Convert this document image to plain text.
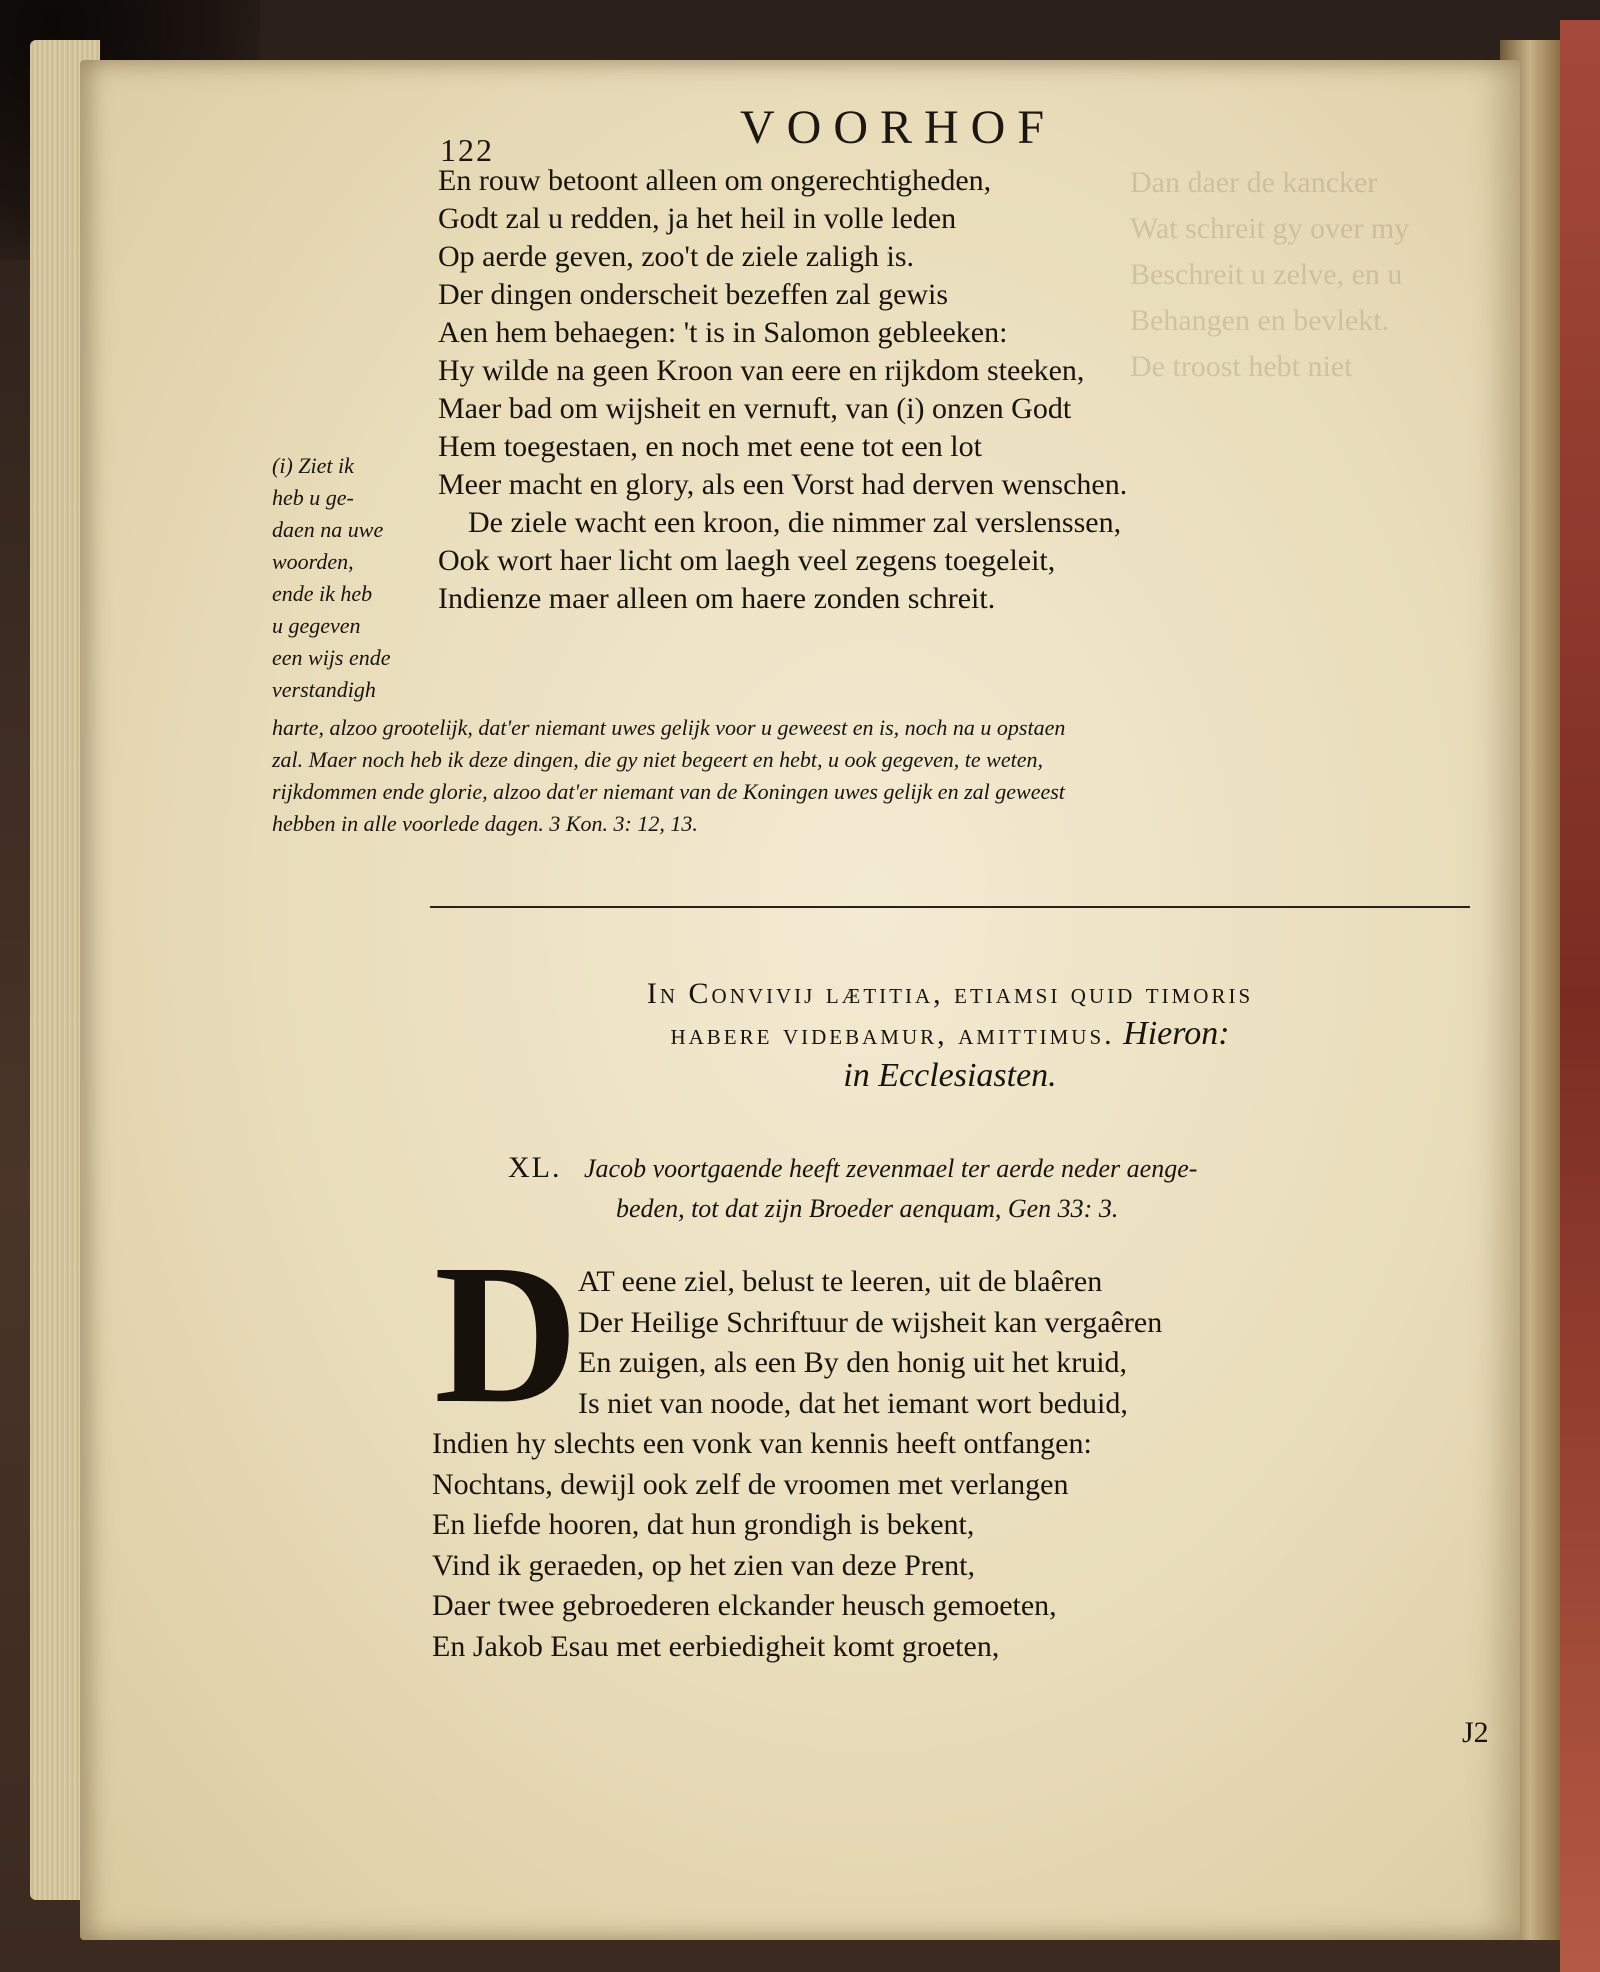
Dan daer de kancker
Wat schreit gy over my
Beschreit u zelve, en u
Behangen en bevlekt.
De troost hebt niet
122	VOORHOF
En rouw betoont alleen om ongerechtigheden,
Godt zal u redden, ja het heil in volle leden
Op aerde geven, zoo't de ziele zaligh is.
Der dingen onderscheit bezeffen zal gewis
Aen hem behaegen: 't is in Salomon gebleeken:
Hy wilde na geen Kroon van eere en rijkdom steeken,
Maer bad om wijsheit en vernuft, van (i) onzen Godt
Hem toegestaen, en noch met eene tot een lot
Meer macht en glory, als een Vorst had derven wenschen.
De ziele wacht een kroon, die nimmer zal verslenssen,
Ook wort haer licht om laegh veel zegens toegeleit,
Indienze maer alleen om haere zonden schreit.
(i) Ziet ik
heb u ge-
daen na uwe
woorden,
ende ik heb
u gegeven
een wijs ende
verstandigh
harte, alzoo grootelijk, dat'er niemant uwes gelijk voor u geweest en is, noch na u opstaen
zal. Maer noch heb ik deze dingen, die gy niet begeert en hebt, u ook gegeven, te weten,
rijkdommen ende glorie, alzoo dat'er niemant van de Koningen uwes gelijk en zal geweest
hebben in alle voorlede dagen. 3 Kon. 3: 12, 13.
In Convivij lætitia, etiamsi quid timoris
habere videbamur, amittimus. Hieron:
in Ecclesiasten.
XL. Jacob voortgaende heeft zevenmael ter aerde neder aenge-
beden, tot dat zijn Broeder aenquam, Gen 33: 3.
D AT eene ziel, belust te leeren, uit de blaêren
Der Heilige Schriftuur de wijsheit kan vergaêren
En zuigen, als een By den honig uit het kruid,
Is niet van noode, dat het iemant wort beduid,
Indien hy slechts een vonk van kennis heeft ontfangen:
Nochtans, dewijl ook zelf de vroomen met verlangen
En liefde hooren, dat hun grondigh is bekent,
Vind ik geraeden, op het zien van deze Prent,
Daer twee gebroederen elckander heusch gemoeten,
En Jakob Esau met eerbiedigheit komt groeten,
J2
